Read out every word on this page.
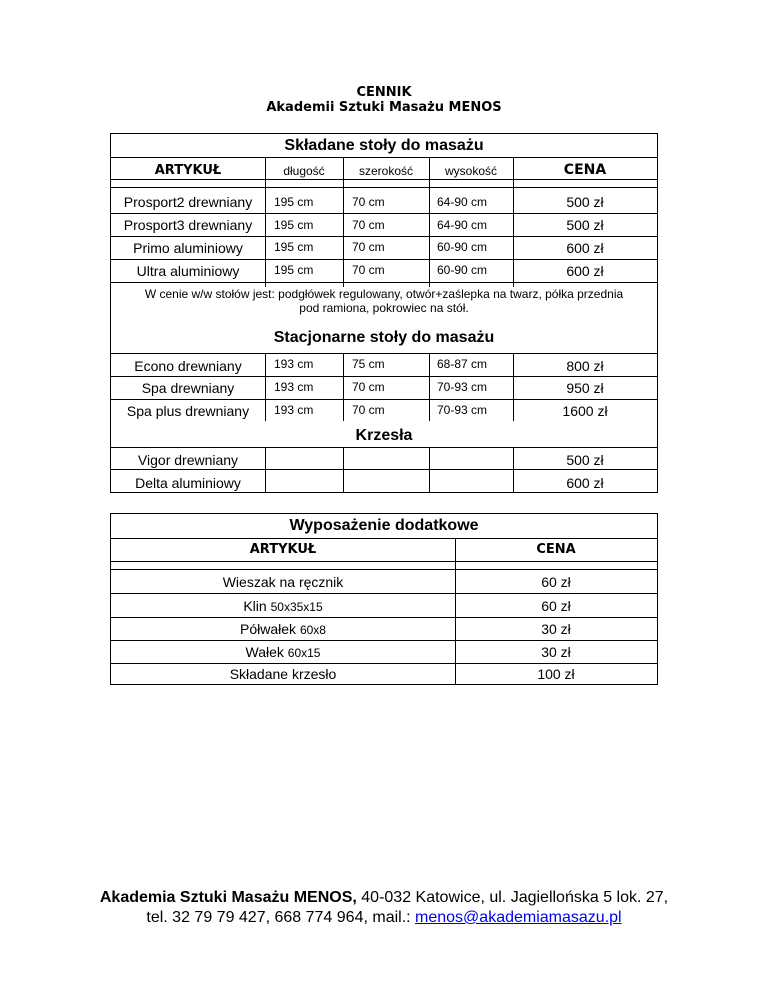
CENNIK
Akademii Sztuki Masażu MENOS
Składane stoły do masażu
ARTYKUŁ	długość	szerokość	wysokość	CENA
Prosport2 drewniany	195 cm	70 cm	64-90 cm	500 zł
Prosport3 drewniany	195 cm	70 cm	64-90 cm	500 zł
Primo aluminiowy	195 cm	70 cm	60-90 cm	600 zł
Ultra aluminiowy	195 cm	70 cm	60-90 cm	600 zł
W cenie w/w stołów jest: podgłówek regulowany, otwór+zaślepka na twarz, półka przednia
pod ramiona, pokrowiec na stół.
Stacjonarne stoły do masażu
Econo drewniany	193 cm	75 cm	68-87 cm	800 zł
Spa drewniany	193 cm	70 cm	70-93 cm	950 zł
Spa plus drewniany	193 cm	70 cm	70-93 cm	1600 zł
Krzesła
Vigor drewniany	500 zł
Delta aluminiowy	600 zł
Wyposażenie dodatkowe
ARTYKUŁ	CENA
Wieszak na ręcznik	60 zł
Klin 50x35x15	60 zł
Półwałek 60x8	30 zł
Wałek 60x15	30 zł
Składane krzesło	100 zł
Akademia Sztuki Masażu MENOS, 40-032 Katowice, ul. Jagiellońska 5 lok. 27,
tel. 32 79 79 427, 668 774 964, mail.: menos@akademiamasazu.pl
